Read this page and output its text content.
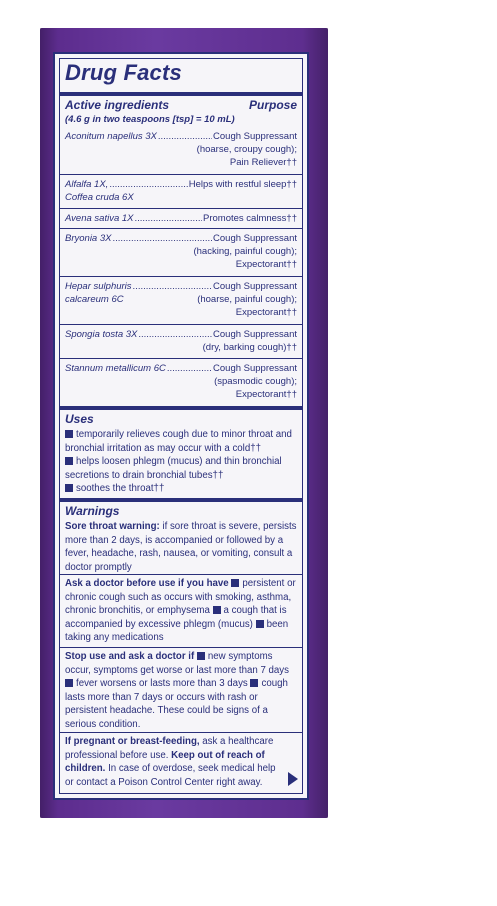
Drug Facts
Active ingredients	Purpose
(4.6 g in two teaspoons [tsp] = 10 mL)
Aconitum napellus 3X .....	Cough Suppressant
(hoarse, croupy cough);
Pain Reliever††
Alfalfa 1X, .....	Helps with restful sleep††
Coffea cruda 6X
Avena sativa 1X .....	Promotes calmness††
Bryonia 3X .....	Cough Suppressant
(hacking, painful cough);
Expectorant††
Hepar sulphuris .....	Cough Suppressant
calcareum 6C	(hoarse, painful cough);
Expectorant††
Spongia tosta 3X .....	Cough Suppressant
(dry, barking cough)††
Stannum metallicum 6C .....	Cough Suppressant
(spasmodic cough);
Expectorant††
Uses
temporarily relieves cough due to minor throat and bronchial irritation as may occur with a cold††
helps loosen phlegm (mucus) and thin bronchial secretions to drain bronchial tubes††
soothes the throat††
Warnings
Sore throat warning: if sore throat is severe, persists more than 2 days, is accompanied or followed by a fever, headache, rash, nausea, or vomiting, consult a doctor promptly
Ask a doctor before use if you have persistent or chronic cough such as occurs with smoking, asthma, chronic bronchitis, or emphysema a cough that is accompanied by excessive phlegm (mucus) been taking any medications
Stop use and ask a doctor if new symptoms occur, symptoms get worse or last more than 7 days fever worsens or lasts more than 3 days cough lasts more than 7 days or occurs with rash or persistent headache. These could be signs of a serious condition.
If pregnant or breast-feeding, ask a healthcare professional before use. Keep out of reach of children. In case of overdose, seek medical help or contact a Poison Control Center right away.
